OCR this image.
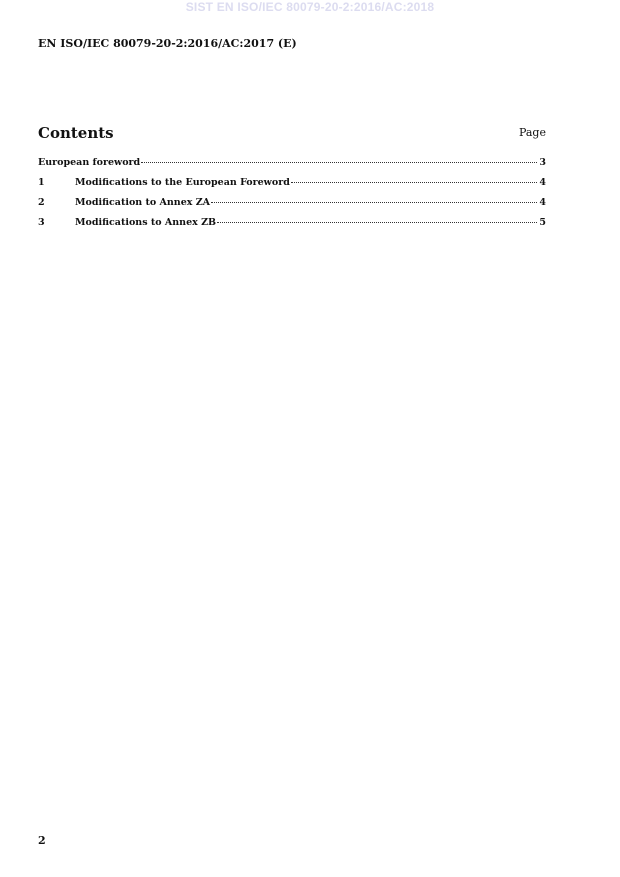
SIST EN ISO/IEC 80079-20-2:2016/AC:2018
EN ISO/IEC 80079-20-2:2016/AC:2017 (E)
Contents	Page
European foreword	3
1	Modifications to the European Foreword	4
2	Modification to Annex ZA	4
3	Modifications to Annex ZB	5
2
